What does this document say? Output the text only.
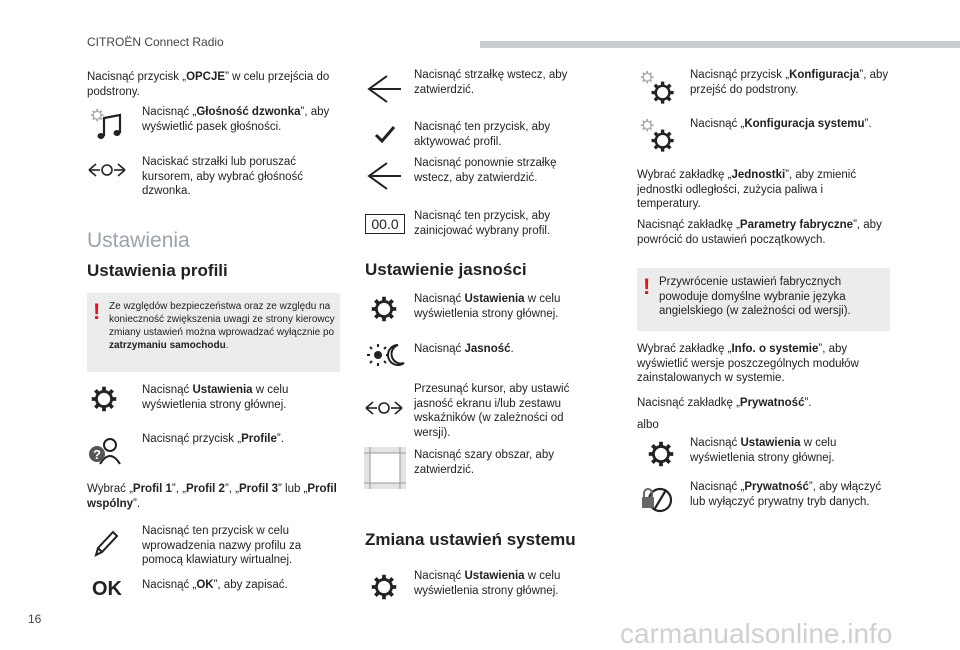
CITROËN Connect Radio

Nacisnąć przycisk „OPCJE” w celu przejścia do podstrony.

Nacisnąć „Głośność dzwonka”, aby wyświetlić pasek głośności.

Naciskać strzałki lub poruszać kursorem, aby wybrać głośność dzwonka.

Ustawienia
Ustawienia profili
! Ze względów bezpieczeństwa oraz ze względu na konieczność zwiększenia uwagi ze strony kierowcy zmiany ustawień można wprowadzać wyłącznie po zatrzymaniu samochodu.

Nacisnąć Ustawienia w celu wyświetlenia strony głównej.

?

Nacisnąć przycisk „Profile”.

Wybrać „Profil 1”, „Profil 2”, „Profil 3” lub „Profil wspólny”.

Nacisnąć ten przycisk w celu wprowadzenia nazwy profilu za pomocą klawiatury wirtualnej.

OK Nacisnąć „OK”, aby zapisać.

Nacisnąć strzałkę wstecz, aby zatwierdzić.

Nacisnąć ten przycisk, aby aktywować profil.

Nacisnąć ponownie strzałkę wstecz, aby zatwierdzić.

00.0	Nacisnąć ten przycisk, aby zainicjować wybrany profil.

Ustawienie jasności

Nacisnąć Ustawienia w celu wyświetlenia strony głównej.

Nacisnąć Jasność.

Przesunąć kursor, aby ustawić jasność ekranu i/lub zestawu wskaźników (w zależności od wersji).

Nacisnąć szary obszar, aby zatwierdzić.

Zmiana ustawień systemu

Nacisnąć Ustawienia w celu wyświetlenia strony głównej.

Nacisnąć przycisk „Konfiguracja”, aby przejść do podstrony.

Nacisnąć „Konfiguracja systemu”.

Wybrać zakładkę „Jednostki”, aby zmienić jednostki odległości, zużycia paliwa i temperatury.

Nacisnąć zakładkę „Parametry fabryczne”, aby powrócić do ustawień początkowych.

! Przywrócenie ustawień fabrycznych powoduje domyślne wybranie języka angielskiego (w zależności od wersji).

Wybrać zakładkę „Info. o systemie”, aby wyświetlić wersje poszczególnych modułów zainstalowanych w systemie.

Nacisnąć zakładkę „Prywatność”.

albo

Nacisnąć Ustawienia w celu wyświetlenia strony głównej.

Nacisnąć „Prywatność”, aby włączyć lub wyłączyć prywatny tryb danych.

16	carmanualsonline.info
